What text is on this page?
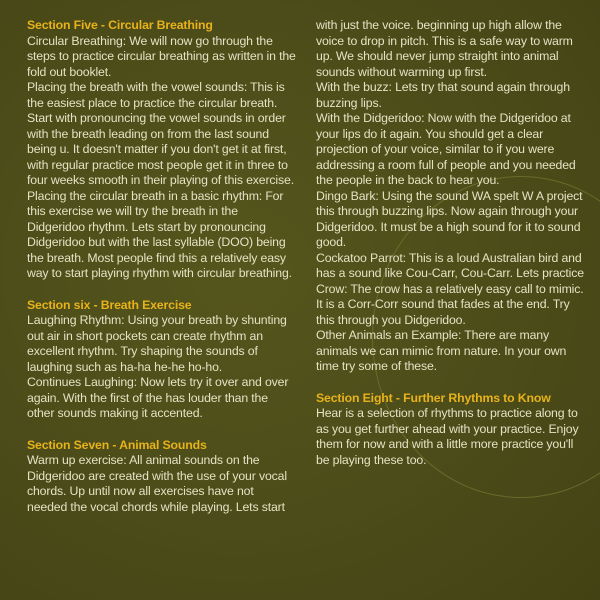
Section Five - Circular Breathing

Circular Breathing: We will now go through the steps to practice circular breathing as written in the fold out booklet.

Placing the breath with the vowel sounds: This is the easiest place to practice the circular breath. Start with pronouncing the vowel sounds in order with the breath leading on from the last sound being u. It doesn't matter if you don't get it at first, with regular practice most people get it in three to four weeks smooth in their playing of this exercise.

Placing the circular breath in a basic rhythm: For this exercise we will try the breath in the Didgeridoo rhythm. Lets start by pronouncing Didgeridoo but with the last syllable (DOO) being the breath. Most people find this a relatively easy way to start playing rhythm with circular breathing.

Section six - Breath Exercise

Laughing Rhythm: Using your breath by shunting out air in short pockets can create rhythm an excellent rhythm. Try shaping the sounds of laughing such as ha-ha he-he ho-ho.

Continues Laughing: Now lets try it over and over again. With the first of the has louder than the other sounds making it accented.

Section Seven - Animal Sounds

Warm up exercise: All animal sounds on the Didgeridoo are created with the use of your vocal chords. Up until now all exercises have not needed the vocal chords while playing. Lets start

with just the voice. beginning up high allow the voice to drop in pitch. This is a safe way to warm up. We should never jump straight into animal sounds without warming up first.

With the buzz: Lets try that sound again through buzzing lips.

With the Didgeridoo: Now with the Didgeridoo at your lips do it again. You should get a clear projection of your voice, similar to if you were addressing a room full of people and you needed the people in the back to hear you.

Dingo Bark: Using the sound WA spelt W A project this through buzzing lips. Now again through your Didgeridoo. It must be a high sound for it to sound good.

Cockatoo Parrot: This is a loud Australian bird and has a sound like Cou-Carr, Cou-Carr. Lets practice

Crow: The crow has a relatively easy call to mimic. It is a Corr-Corr sound that fades at the end. Try this through you Didgeridoo.

Other Animals an Example: There are many animals we can mimic from nature. In your own time try some of these.

Section Eight - Further Rhythms to Know

Hear is a selection of rhythms to practice along to as you get further ahead with your practice. Enjoy them for now and with a little more practice you'll be playing these too.
